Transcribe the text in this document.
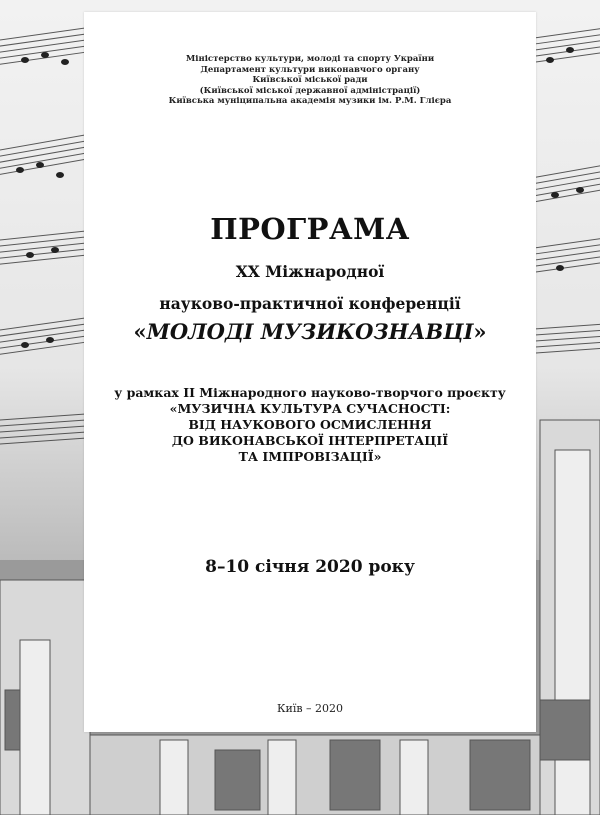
Міністерство культури, молоді та спорту України
Департамент культури виконавчого органу
Київської міської ради
(Київської міської державної адміністрації)
Київська муніципальна академія музики ім. Р.М. Глієра
ПРОГРАМА
XX Міжнародної
науково-практичної конференції
«МОЛОДІ МУЗИКОЗНАВЦІ»
у рамках II Міжнародного науково-творчого проєкту
«МУЗИЧНА КУЛЬТУРА СУЧАСНОСТІ:
ВІД НАУКОВОГО ОСМИСЛЕННЯ
ДО ВИКОНАВСЬКОЇ ІНТЕРПРЕТАЦІЇ
ТА ІМПРОВІЗАЦІЇ»
8–10 січня 2020 року
Київ – 2020
